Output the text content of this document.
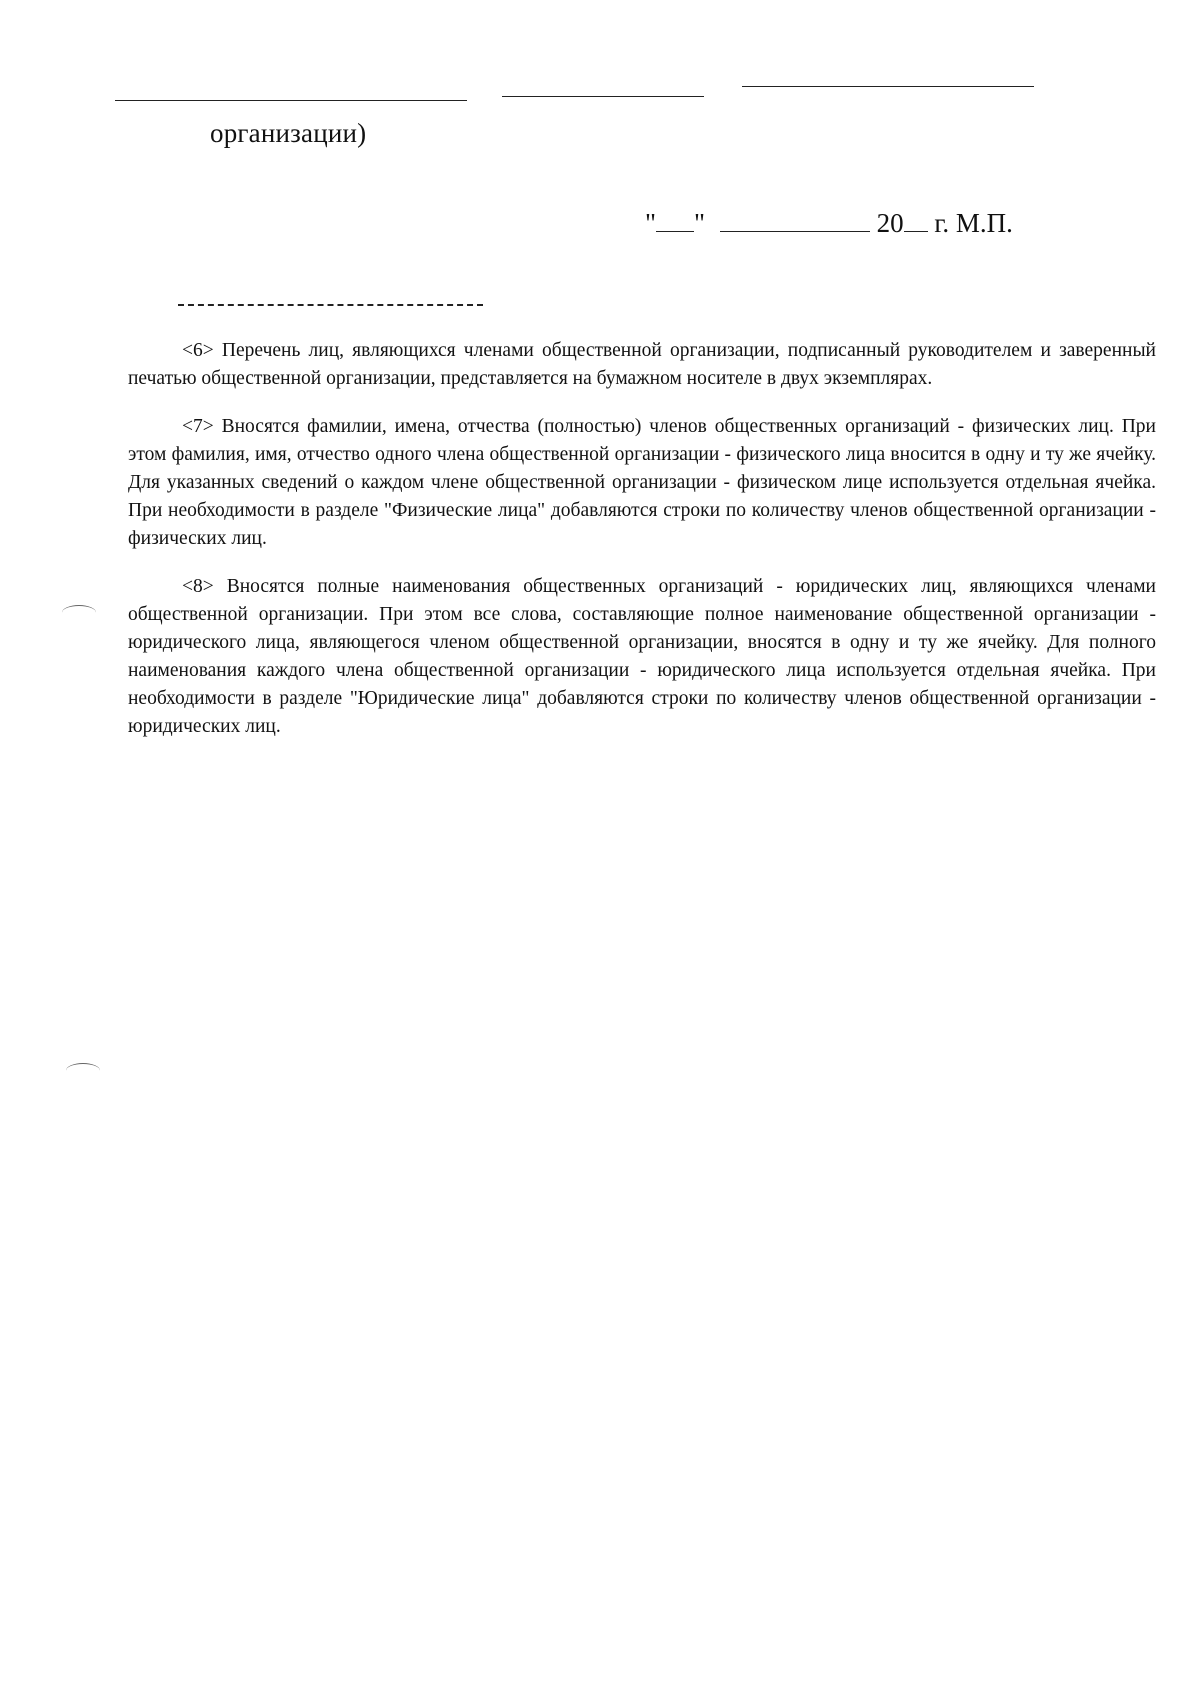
организации)
" "	20 г. М.П.

<6> Перечень лиц, являющихся членами общественной организации, подписанный руководителем и заверенный печатью общественной организации, представляется на бумажном носителе в двух экземплярах.

<7> Вносятся фамилии, имена, отчества (полностью) членов общественных организаций - физических лиц. При этом фамилия, имя, отчество одного члена общественной организации - физического лица вносится в одну и ту же ячейку. Для указанных сведений о каждом члене общественной организации - физическом лице используется отдельная ячейка. При необходимости в разделе "Физические лица" добавляются строки по количеству членов общественной организации - физических лиц.

<8> Вносятся полные наименования общественных организаций - юридических лиц, являющихся членами общественной организации. При этом все слова, составляющие полное наименование общественной организации - юридического лица, являющегося членом общественной организации, вносятся в одну и ту же ячейку. Для полного наименования каждого члена общественной организации - юридического лица используется отдельная ячейка. При необходимости в разделе "Юридические лица" добавляются строки по количеству членов общественной организации - юридических лиц.
